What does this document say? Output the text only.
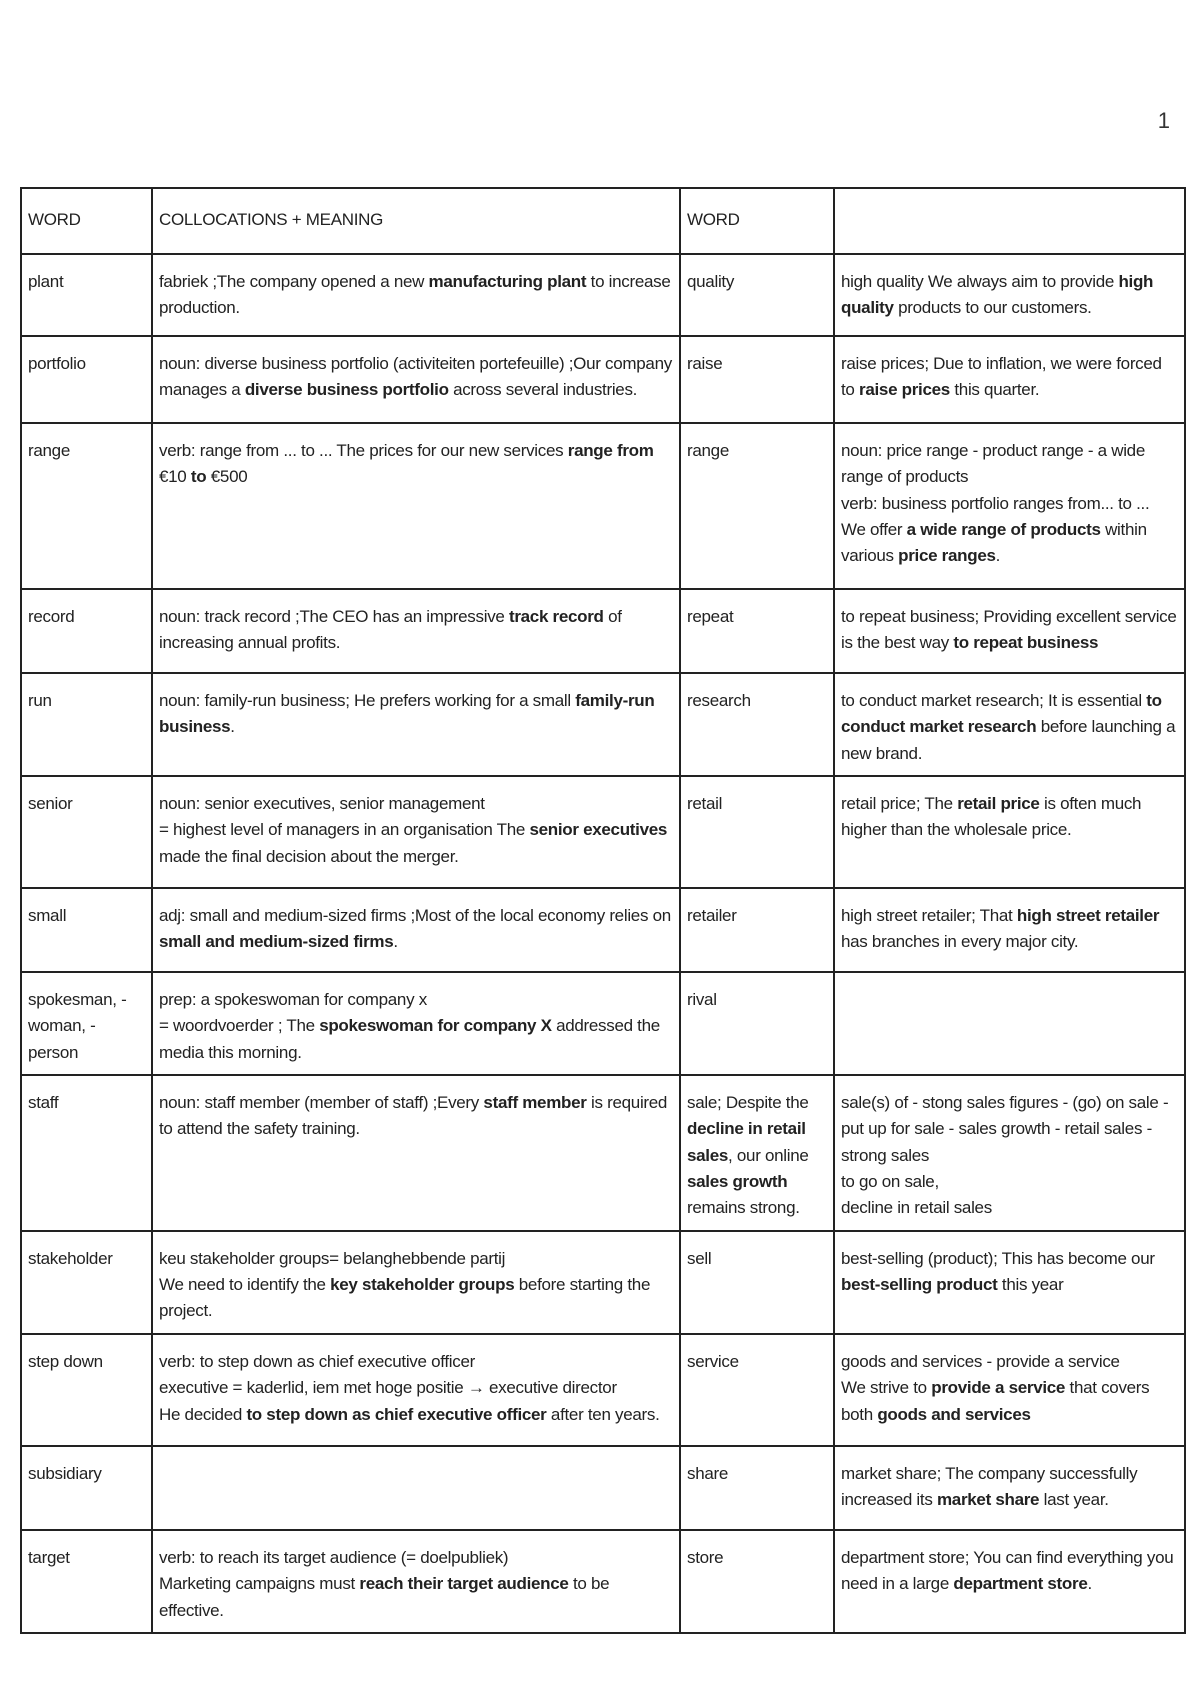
1
WORD	COLLOCATIONS + MEANING	WORD	
plant	fabriek ;The company opened a new manufacturing plant to increase production.	quality	high quality We always aim to provide high quality products to our customers.

portfolio	noun: diverse business portfolio (activiteiten portefeuille) ;Our company manages a diverse business portfolio across several industries.	raise	raise prices; Due to inflation, we were forced to raise prices this quarter.

range	verb: range from ... to ... The prices for our new services range from €10 to €500	range	noun: price range - product range - a wide range of products
verb: business portfolio ranges from... to ...
We offer a wide range of products within various price ranges.

record	noun: track record ;The CEO has an impressive track record of increasing annual profits.	repeat	to repeat business; Providing excellent service is the best way to repeat business

run	noun: family-run business; He prefers working for a small family-run business.	research	to conduct market research; It is essential to conduct market research before launching a new brand.

senior	noun: senior executives, senior management
= highest level of managers in an organisation The senior executives made the final decision about the merger.	retail	retail price; The retail price is often much higher than the wholesale price.

small	adj: small and medium-sized firms ;Most of the local economy relies on small and medium-sized firms.	retailer	high street retailer; That high street retailer has branches in every major city.

spokesman, -woman, -person	prep: a spokeswoman for company x
= woordvoerder ; The spokeswoman for company X addressed the media this morning.	rival	

staff	noun: staff member (member of staff) ;Every staff member is required to attend the safety training.	sale; Despite the decline in retail sales, our online sales growth remains strong.	sale(s) of - stong sales figures - (go) on sale - put up for sale - sales growth - retail sales - strong sales
to go on sale,
decline in retail sales

stakeholder	keu stakeholder groups= belanghebbende partij
We need to identify the key stakeholder groups before starting the project.	sell	best-selling (product); This has become our best-selling product this year

step down	verb: to step down as chief executive officer
executive = kaderlid, iem met hoge positie → executive director
He decided to step down as chief executive officer after ten years.	service	goods and services - provide a service
We strive to provide a service that covers both goods and services

subsidiary		share	market share; The company successfully increased its market share last year.

target	verb: to reach its target audience (= doelpubliek)
Marketing campaigns must reach their target audience to be effective.	store	department store; You can find everything you need in a large department store.
